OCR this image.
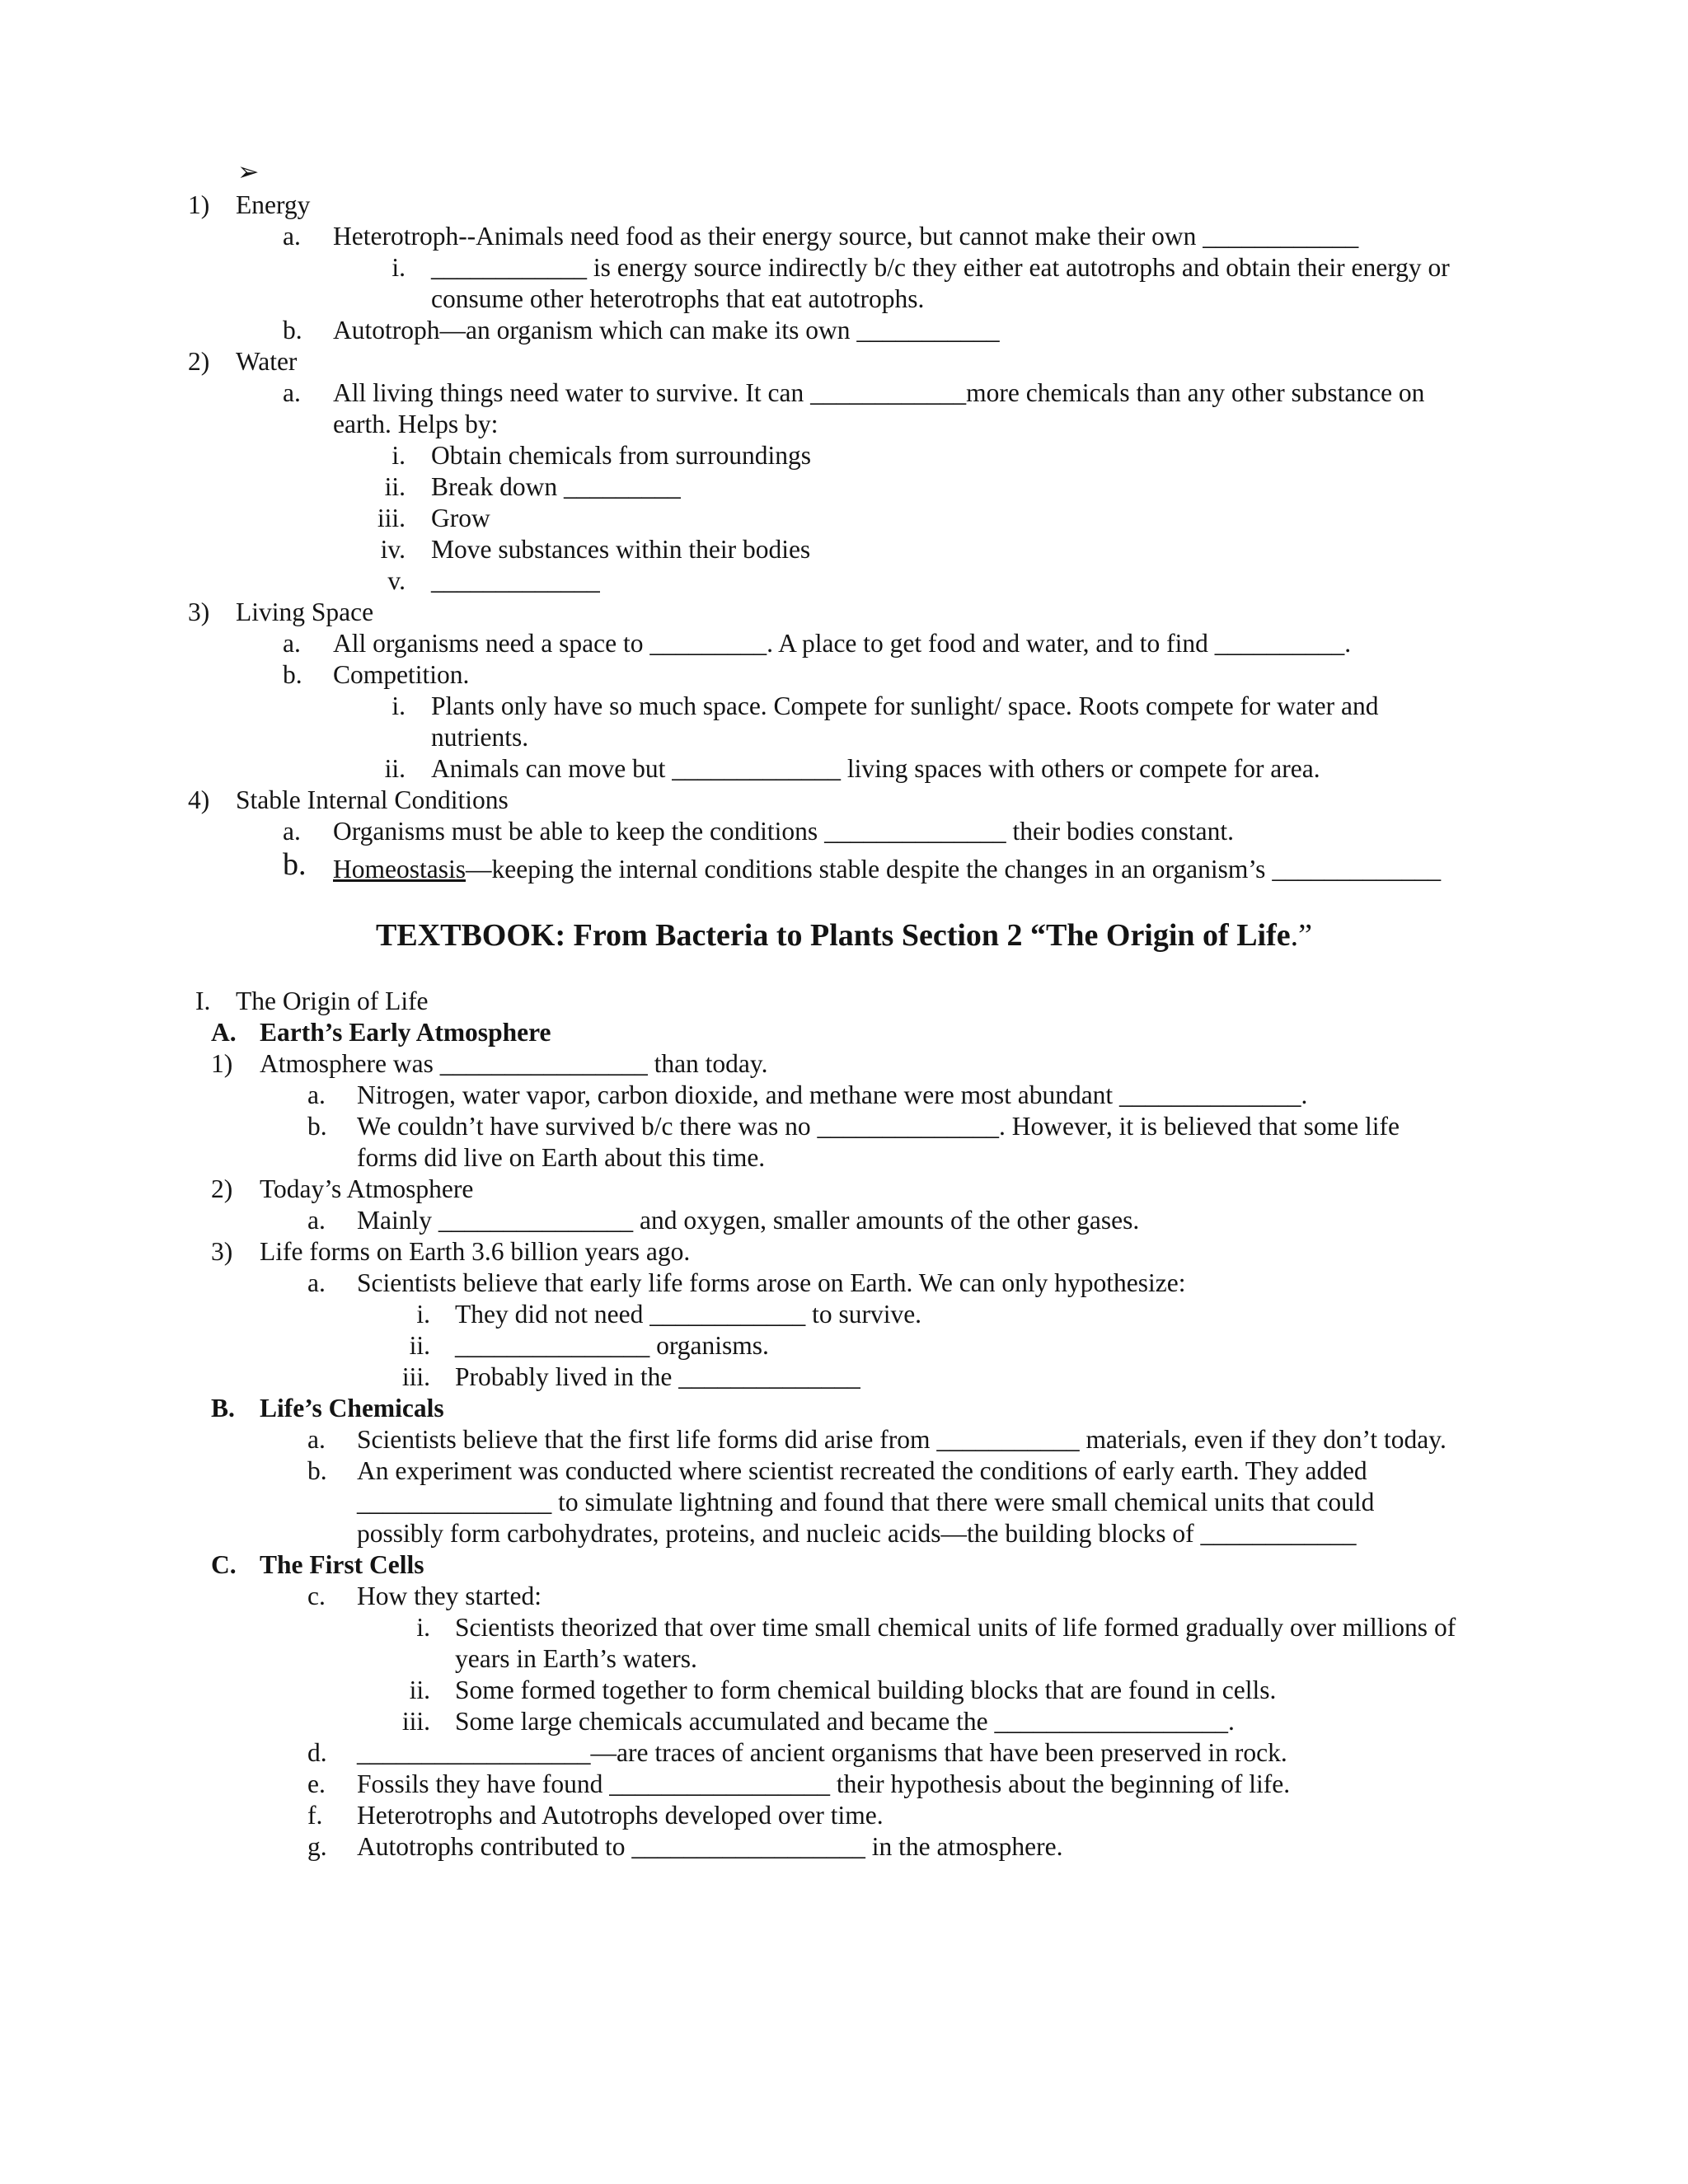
➢
1) Energy
a. Heterotroph--Animals need food as their energy source, but cannot make their own ____________
i. ____________ is energy source indirectly b/c they either eat autotrophs and obtain their energy or
consume other heterotrophs that eat autotrophs.
b. Autotroph—an organism which can make its own ___________
2) Water
a. All living things need water to survive. It can ____________more chemicals than any other substance on
earth. Helps by:
i. Obtain chemicals from surroundings
ii. Break down _________
iii. Grow
iv. Move substances within their bodies
v. _____________
3) Living Space
a. All organisms need a space to _________. A place to get food and water, and to find __________.
b. Competition.
i. Plants only have so much space. Compete for sunlight/ space. Roots compete for water and
nutrients.
ii. Animals can move but _____________ living spaces with others or compete for area.
4) Stable Internal Conditions
a. Organisms must be able to keep the conditions ______________ their bodies constant.
b. Homeostasis—keeping the internal conditions stable despite the changes in an organism’s _____________
TEXTBOOK: From Bacteria to Plants Section 2 “The Origin of Life.”
I. The Origin of Life
A. Earth’s Early Atmosphere
1) Atmosphere was ________________ than today.
a. Nitrogen, water vapor, carbon dioxide, and methane were most abundant ______________.
b. We couldn’t have survived b/c there was no ______________. However, it is believed that some life
forms did live on Earth about this time.
2) Today’s Atmosphere
a. Mainly _______________ and oxygen, smaller amounts of the other gases.
3) Life forms on Earth 3.6 billion years ago.
a. Scientists believe that early life forms arose on Earth. We can only hypothesize:
i. They did not need ____________ to survive.
ii. _______________ organisms.
iii. Probably lived in the ______________
B. Life’s Chemicals
a. Scientists believe that the first life forms did arise from ___________ materials, even if they don’t today.
b. An experiment was conducted where scientist recreated the conditions of early earth. They added
_______________ to simulate lightning and found that there were small chemical units that could
possibly form carbohydrates, proteins, and nucleic acids—the building blocks of ____________
C. The First Cells
c. How they started:
i. Scientists theorized that over time small chemical units of life formed gradually over millions of
years in Earth’s waters.
ii. Some formed together to form chemical building blocks that are found in cells.
iii. Some large chemicals accumulated and became the __________________.
d. __________________—are traces of ancient organisms that have been preserved in rock.
e. Fossils they have found _________________ their hypothesis about the beginning of life.
f. Heterotrophs and Autotrophs developed over time.
g. Autotrophs contributed to __________________ in the atmosphere.
